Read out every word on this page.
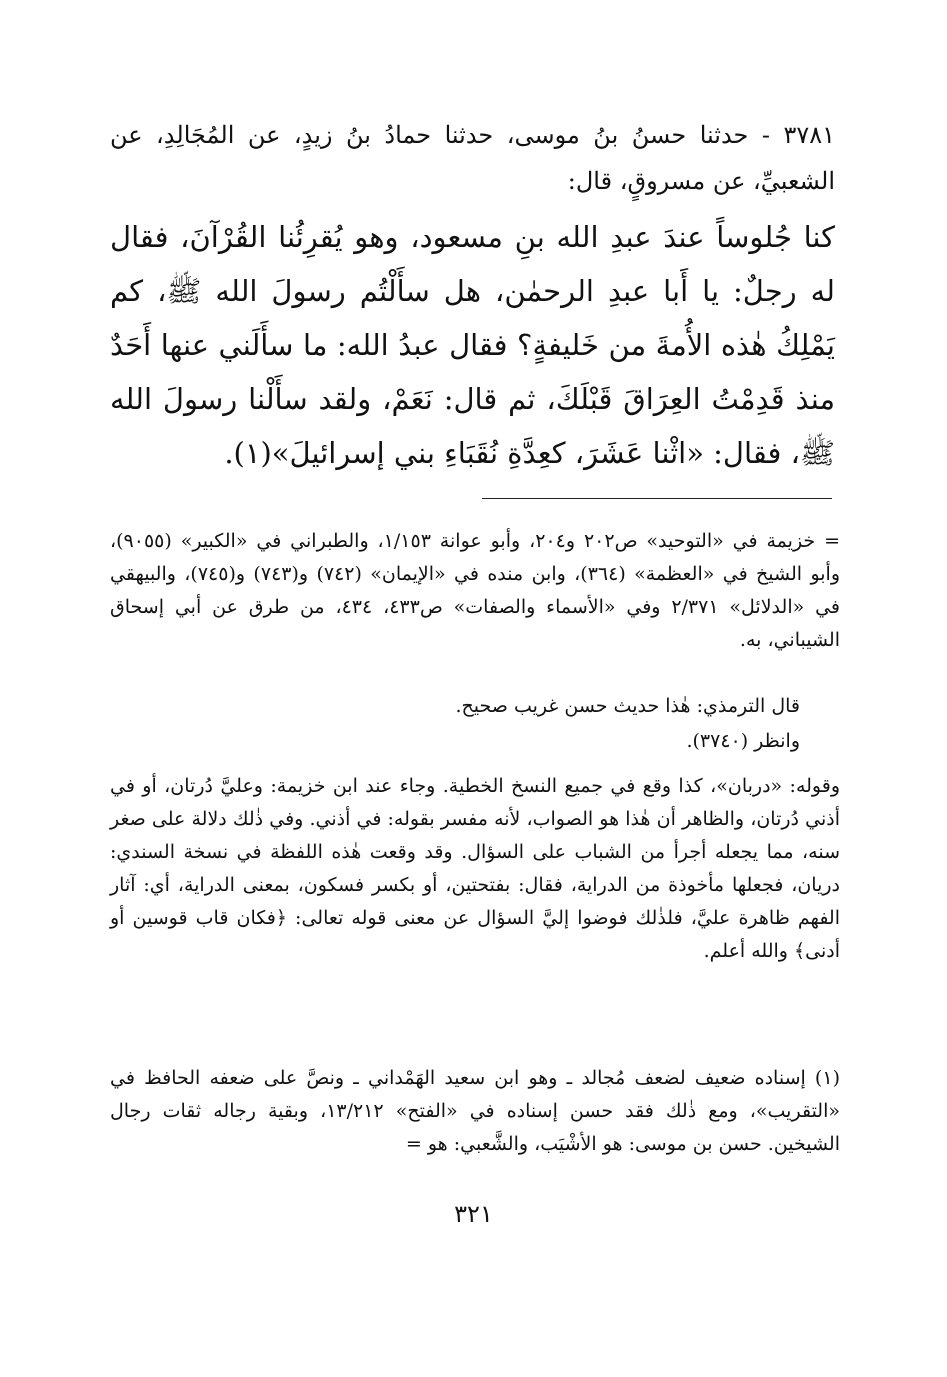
٣٧٨١ - حدثنا حسنُ بنُ موسى، حدثنا حمادُ بنُ زيدٍ، عن المُجَالِدِ، عن الشعبيِّ، عن مسروقٍ، قال:

كنا جُلوساً عندَ عبدِ الله بنِ مسعود، وهو يُقرِئُنا القُرْآنَ، فقال له رجلٌ: يا أَبا عبدِ الرحمٰن، هل سأَلْتُم رسولَ الله ﷺ، كم يَمْلِكُ هٰذه الأُمةَ من خَليفةٍ؟ فقال عبدُ الله: ما سأَلَني عنها أَحَدٌ منذ قَدِمْتُ العِرَاقَ قَبْلَكَ، ثم قال: نَعَمْ، ولقد سأَلْنا رسولَ الله ﷺ، فقال: «اثْنا عَشَرَ، كعِدَّةِ نُقَبَاءِ بني إسرائيلَ»(١).

= خزيمة في «التوحيد» ص٢٠٢ و٢٠٤، وأبو عوانة ١/١٥٣، والطبراني في «الكبير» (٩٠٥٥)، وأبو الشيخ في «العظمة» (٣٦٤)، وابن منده في «الإيمان» (٧٤٢) و(٧٤٣) و(٧٤٥)، والبيهقي في «الدلائل» ٢/٣٧١ وفي «الأسماء والصفات» ص٤٣٣، ٤٣٤، من طرق عن أبي إسحاق الشيباني، به.

قال الترمذي: هٰذا حديث حسن غريب صحيح.

وانظر (٣٧٤٠).

وقوله: «دربان»، كذا وقع في جميع النسخ الخطية. وجاء عند ابن خزيمة: وعليَّ دُرتان، أو في أذني دُرتان، والظاهر أن هٰذا هو الصواب، لأنه مفسر بقوله: في أذني. وفي ذٰلك دلالة على صغر سنه، مما يجعله أجرأ من الشباب على السؤال. وقد وقعت هٰذه اللفظة في نسخة السندي: دريان، فجعلها مأخوذة من الدراية، فقال: بفتحتين، أو بكسر فسكون، بمعنى الدراية، أي: آثار الفهم ظاهرة عليَّ، فلذٰلك فوضوا إليَّ السؤال عن معنى قوله تعالى: ﴿فكان قاب قوسين أو أدنى﴾ والله أعلم.

(١) إسناده ضعيف لضعف مُجالد ـ وهو ابن سعيد الهَمْداني ـ ونصَّ على ضعفه الحافظ في «التقريب»، ومع ذٰلك فقد حسن إسناده في «الفتح» ١٣/٢١٢، وبقية رجاله ثقات رجال الشيخين. حسن بن موسى: هو الأشْيَب، والشَّعبي: هو =

٣٢١
